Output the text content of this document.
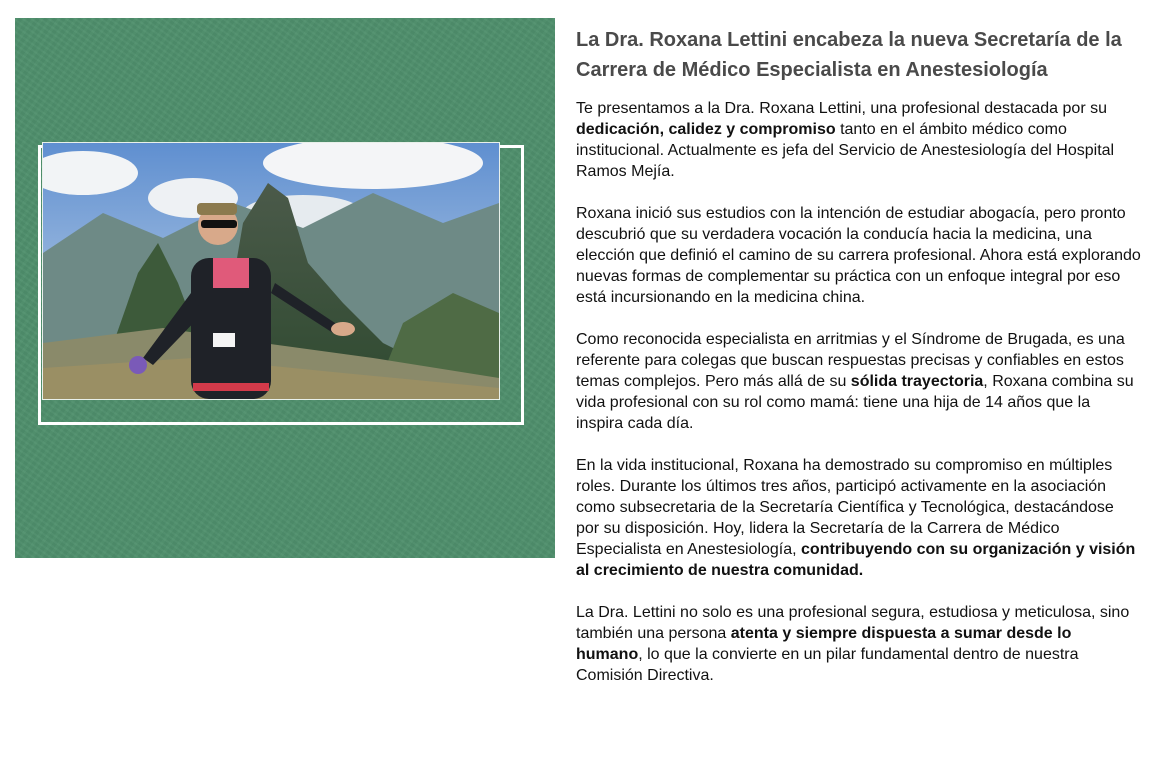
La Dra. Roxana Lettini encabeza la nueva Secretaría de la Carrera de Médico Especialista en Anestesiología

Te presentamos a la Dra. Roxana Lettini, una profesional destacada por su dedicación, calidez y compromiso tanto en el ámbito médico como institucional. Actualmente es jefa del Servicio de Anestesiología del Hospital Ramos Mejía.

Roxana inició sus estudios con la intención de estudiar abogacía, pero pronto descubrió que su verdadera vocación la conducía hacia la medicina, una elección que definió el camino de su carrera profesional. Ahora está explorando nuevas formas de complementar su práctica con un enfoque integral por eso está incursionando en la medicina china.

Como reconocida especialista en arritmias y el Síndrome de Brugada, es una referente para colegas que buscan respuestas precisas y confiables en estos temas complejos. Pero más allá de su sólida trayectoria, Roxana combina su vida profesional con su rol como mamá: tiene una hija de 14 años que la inspira cada día.

En la vida institucional, Roxana ha demostrado su compromiso en múltiples roles. Durante los últimos tres años, participó activamente en la asociación como subsecretaria de la Secretaría Científica y Tecnológica, destacándose por su disposición. Hoy, lidera la Secretaría de la Carrera de Médico Especialista en Anestesiología, contribuyendo con su organización y visión al crecimiento de nuestra comunidad.

La Dra. Lettini no solo es una profesional segura, estudiosa y meticulosa, sino también una persona atenta y siempre dispuesta a sumar desde lo humano, lo que la convierte en un pilar fundamental dentro de nuestra Comisión Directiva.
